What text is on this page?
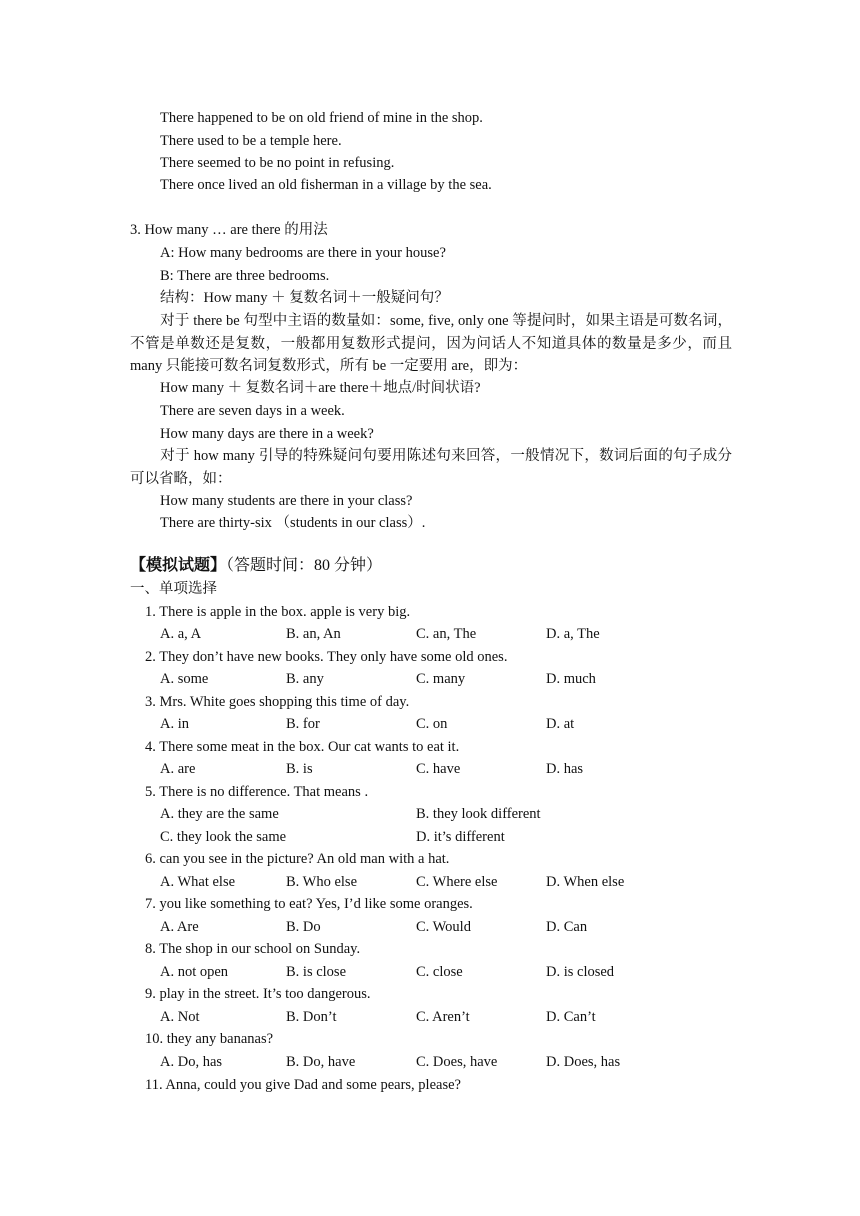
There happened to be on old friend of mine in the shop.
There used to be a temple here.
There seemed to be no point in refusing.
There once lived an old fisherman in a village by the sea.
3. How many … are there 的用法
A: How many bedrooms are there in your house?
B: There are three bedrooms.
结构：How many ＋ 复数名词＋一般疑问句？
对于 there be 句型中主语的数量如：some, five, only one 等提问时，如果主语是可数名词，不管是单数还是复数，一般都用复数形式提问，因为问话人不知道具体的数量是多少，而且 many 只能接可数名词复数形式，所有 be 一定要用 are，即为：
How many ＋ 复数名词＋are there＋地点/时间状语?
There are seven days in a week.
How many days are there in a week?
对于 how many 引导的特殊疑问句要用陈述句来回答，一般情况下，数词后面的句子成分可以省略，如：
How many students are there in your class?
There are thirty-six （students in our class）.
【模拟试题】（答题时间：80 分钟）
一、单项选择
1. There is apple in the box. apple is very big.
A. a, A	B. an, An	C. an, The	D. a, The
2. They don’t have new books. They only have some old ones.
A. some	B. any	C. many	D. much
3. Mrs. White goes shopping this time of day.
A. in	B. for	C. on	D. at
4. There some meat in the box. Our cat wants to eat it.
A. are	B. is	C. have	D. has
5. There is no difference. That means .
A. they are the same	B. they look different
C. they look the same	D. it’s different
6. can you see in the picture? An old man with a hat.
A. What else	B. Who else	C. Where else	D. When else
7. you like something to eat? Yes, I’d like some oranges.
A. Are	B. Do	C. Would	D. Can
8. The shop in our school on Sunday.
A. not open	B. is close	C. close	D. is closed
9. play in the street. It’s too dangerous.
A. Not	B. Don’t	C. Aren’t	D. Can’t
10. they any bananas?
A. Do, has	B. Do, have	C. Does, have	D. Does, has
11. Anna, could you give Dad and some pears, please?
